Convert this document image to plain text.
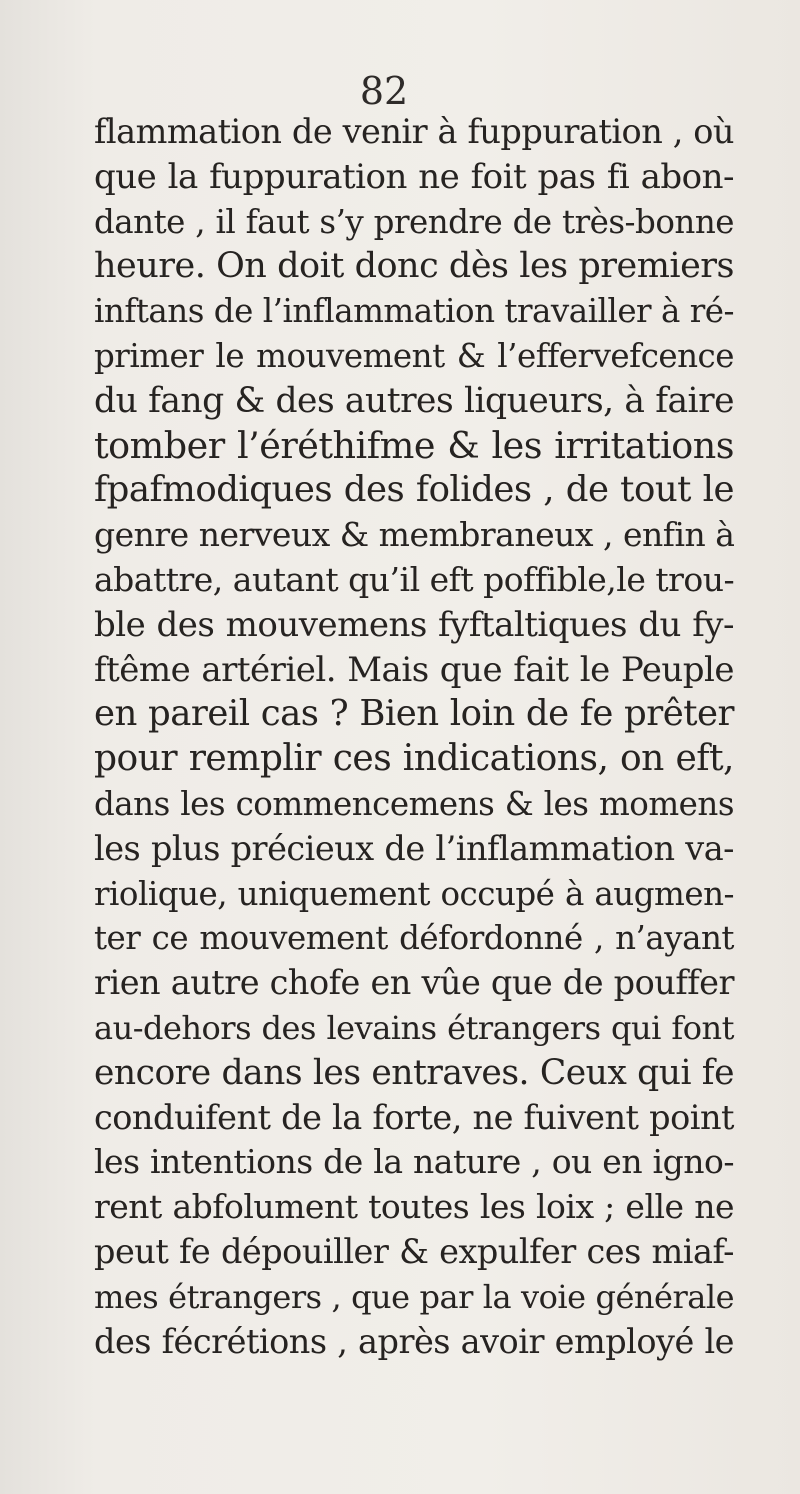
82
flammation de venir à fuppuration , où
que la fuppuration ne foit pas fi abon-
dante , il faut s’y prendre de très-bonne
heure. On doit donc dès les premiers
inftans de l’inflammation travailler à ré-
primer le mouvement & l’effervefcence
du fang & des autres liqueurs, à faire
tomber l’éréthifme & les irritations
fpafmodiques des folides , de tout le
genre nerveux & membraneux , enfin à
abattre, autant qu’il eft poffible,le trou-
ble des mouvemens fyftaltiques du fy-
ftême artériel. Mais que fait le Peuple
en pareil cas ? Bien loin de fe prêter
pour remplir ces indications, on eft,
dans les commencemens & les momens
les plus précieux de l’inflammation va-
riolique, uniquement occupé à augmen-
ter ce mouvement défordonné , n’ayant
rien autre chofe en vûe que de pouffer
au-dehors des levains étrangers qui font
encore dans les entraves. Ceux qui fe
conduifent de la forte, ne fuivent point
les intentions de la nature , ou en igno-
rent abfolument toutes les loix ; elle ne
peut fe dépouiller & expulfer ces miaf-
mes étrangers , que par la voie générale
des fécrétions , après avoir employé le
